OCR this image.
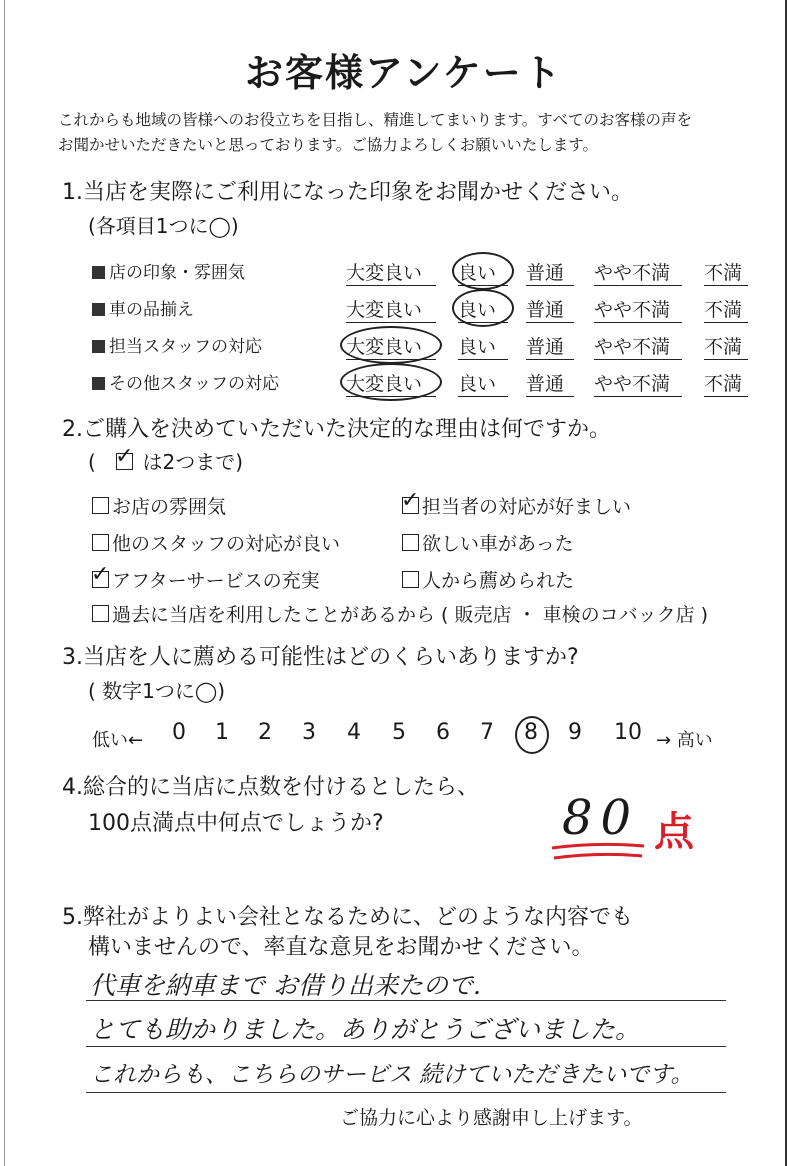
お客様アンケート
これからも地域の皆様へのお役立ちを目指し、精進してまいります。すべてのお客様の声を
お聞かせいただきたいと思っております。ご協力よろしくお願いいたします。
1.当店を実際にご利用になった印象をお聞かせください。
(各項目1つに◯)
店の印象・雰囲気	大変良い 良い 普通 やや不満 不満
車の品揃え	大変良い 良い 普通 やや不満 不満
担当スタッフの対応	大変良い 良い 普通 やや不満 不満
その他スタッフの対応	大変良い 良い 普通 やや不満 不満
2.ご購入を決めていただいた決定的な理由は何ですか。
( ✓ は2つまで)
お店の雰囲気	✓ 担当者の対応が好ましい
他のスタッフの対応が良い	欲しい車があった
✓ アフターサービスの充実	人から薦められた
過去に当店を利用したことがあるから ( 販売店 ・ 車検のコバック店 )
3.当店を人に薦める可能性はどのくらいありますか?
( 数字1つに◯)
低い← 0 1 2 3 4 5 6 7 8 9 10 → 高い
4.総合的に当店に点数を付けるとしたら、
100点満点中何点でしょうか?	80 点
5.弊社がよりよい会社となるために、どのような内容でも
構いませんので、率直な意見をお聞かせください。
代車を納車まで お借り出来たので.
とても助かりました。ありがとうございました。
これからも、こちらのサービス 続けていただきたいです。
ご協力に心より感謝申し上げます。
